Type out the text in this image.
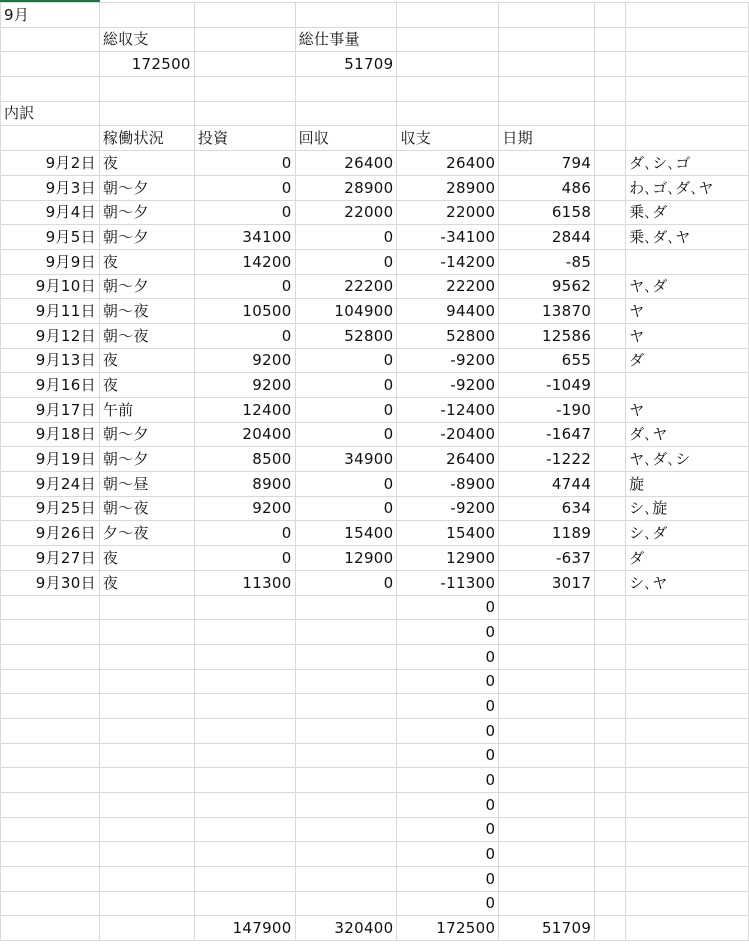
9月							
	総収支		総仕事量				
	172500		51709				

内訳							
	稼働状況	投資	回収	収支	日期		
9月2日	夜	0	26400	26400	794		ダ､シ､ゴ
9月3日	朝～夕	0	28900	28900	486		わ､ゴ､ダ､ヤ
9月4日	朝～夕	0	22000	22000	6158		乗､ダ
9月5日	朝～夕	34100	0	-34100	2844		乗､ダ､ヤ
9月9日	夜	14200	0	-14200	-85		
9月10日	朝～夕	0	22200	22200	9562		ヤ､ダ
9月11日	朝～夜	10500	104900	94400	13870		ヤ
9月12日	朝～夜	0	52800	52800	12586		ヤ
9月13日	夜	9200	0	-9200	655		ダ
9月16日	夜	9200	0	-9200	-1049		
9月17日	午前	12400	0	-12400	-190		ヤ
9月18日	朝～夕	20400	0	-20400	-1647		ダ､ヤ
9月19日	朝～夕	8500	34900	26400	-1222		ヤ､ダ､シ
9月24日	朝～昼	8900	0	-8900	4744		旋
9月25日	朝～夜	9200	0	-9200	634		シ､旋
9月26日	夕～夜	0	15400	15400	1189		シ､ダ
9月27日	夜	0	12900	12900	-637		ダ
9月30日	夜	11300	0	-11300	3017		シ､ヤ
				0			
				0			
				0			
				0			
				0			
				0			
				0			
				0			
				0			
				0			
				0			
				0			
				0			
		147900	320400	172500	51709		
